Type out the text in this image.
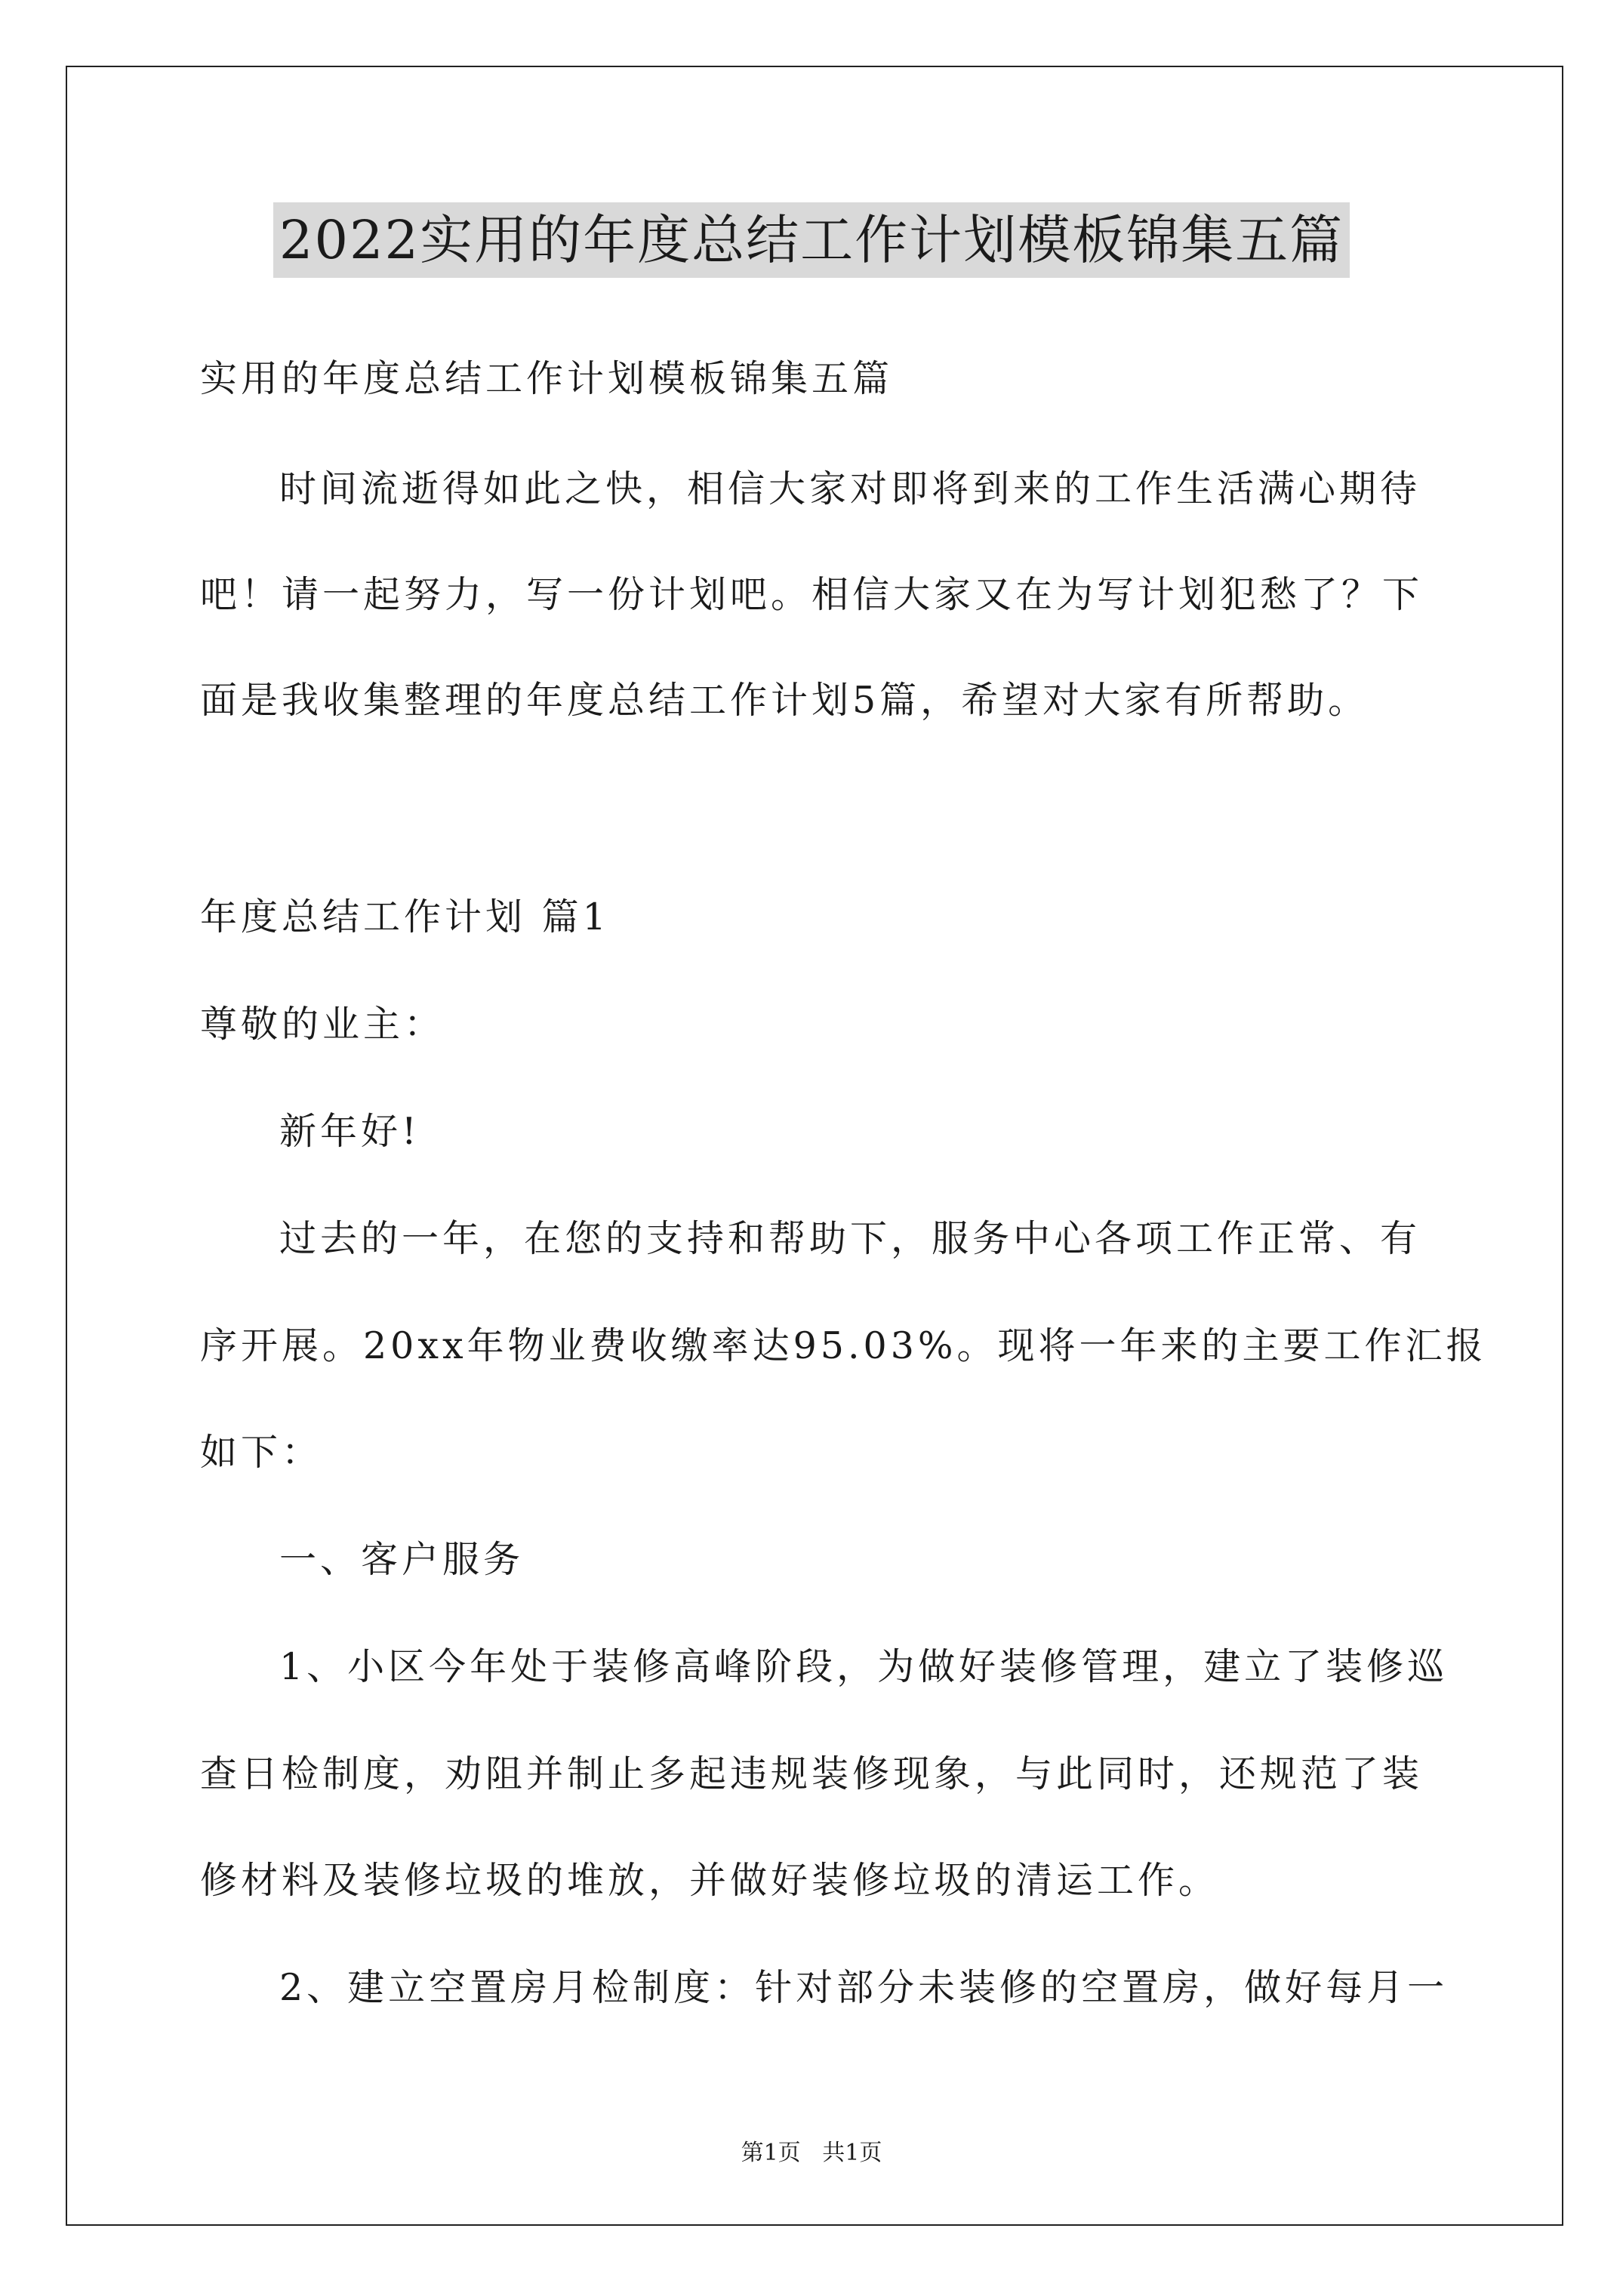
2022实用的年度总结工作计划模板锦集五篇
实用的年度总结工作计划模板锦集五篇
时间流逝得如此之快，相信大家对即将到来的工作生活满心期待
吧！请一起努力，写一份计划吧。相信大家又在为写计划犯愁了？下
面是我收集整理的年度总结工作计划5篇，希望对大家有所帮助。
年度总结工作计划 篇1
尊敬的业主：
新年好!
过去的一年，在您的支持和帮助下，服务中心各项工作正常、有
序开展。20xx年物业费收缴率达95.03%。现将一年来的主要工作汇报
如下：
一、客户服务
1、小区今年处于装修高峰阶段，为做好装修管理，建立了装修巡
查日检制度，劝阻并制止多起违规装修现象，与此同时，还规范了装
修材料及装修垃圾的堆放，并做好装修垃圾的清运工作。
2、建立空置房月检制度：针对部分未装修的空置房，做好每月一
第1页   共1页
